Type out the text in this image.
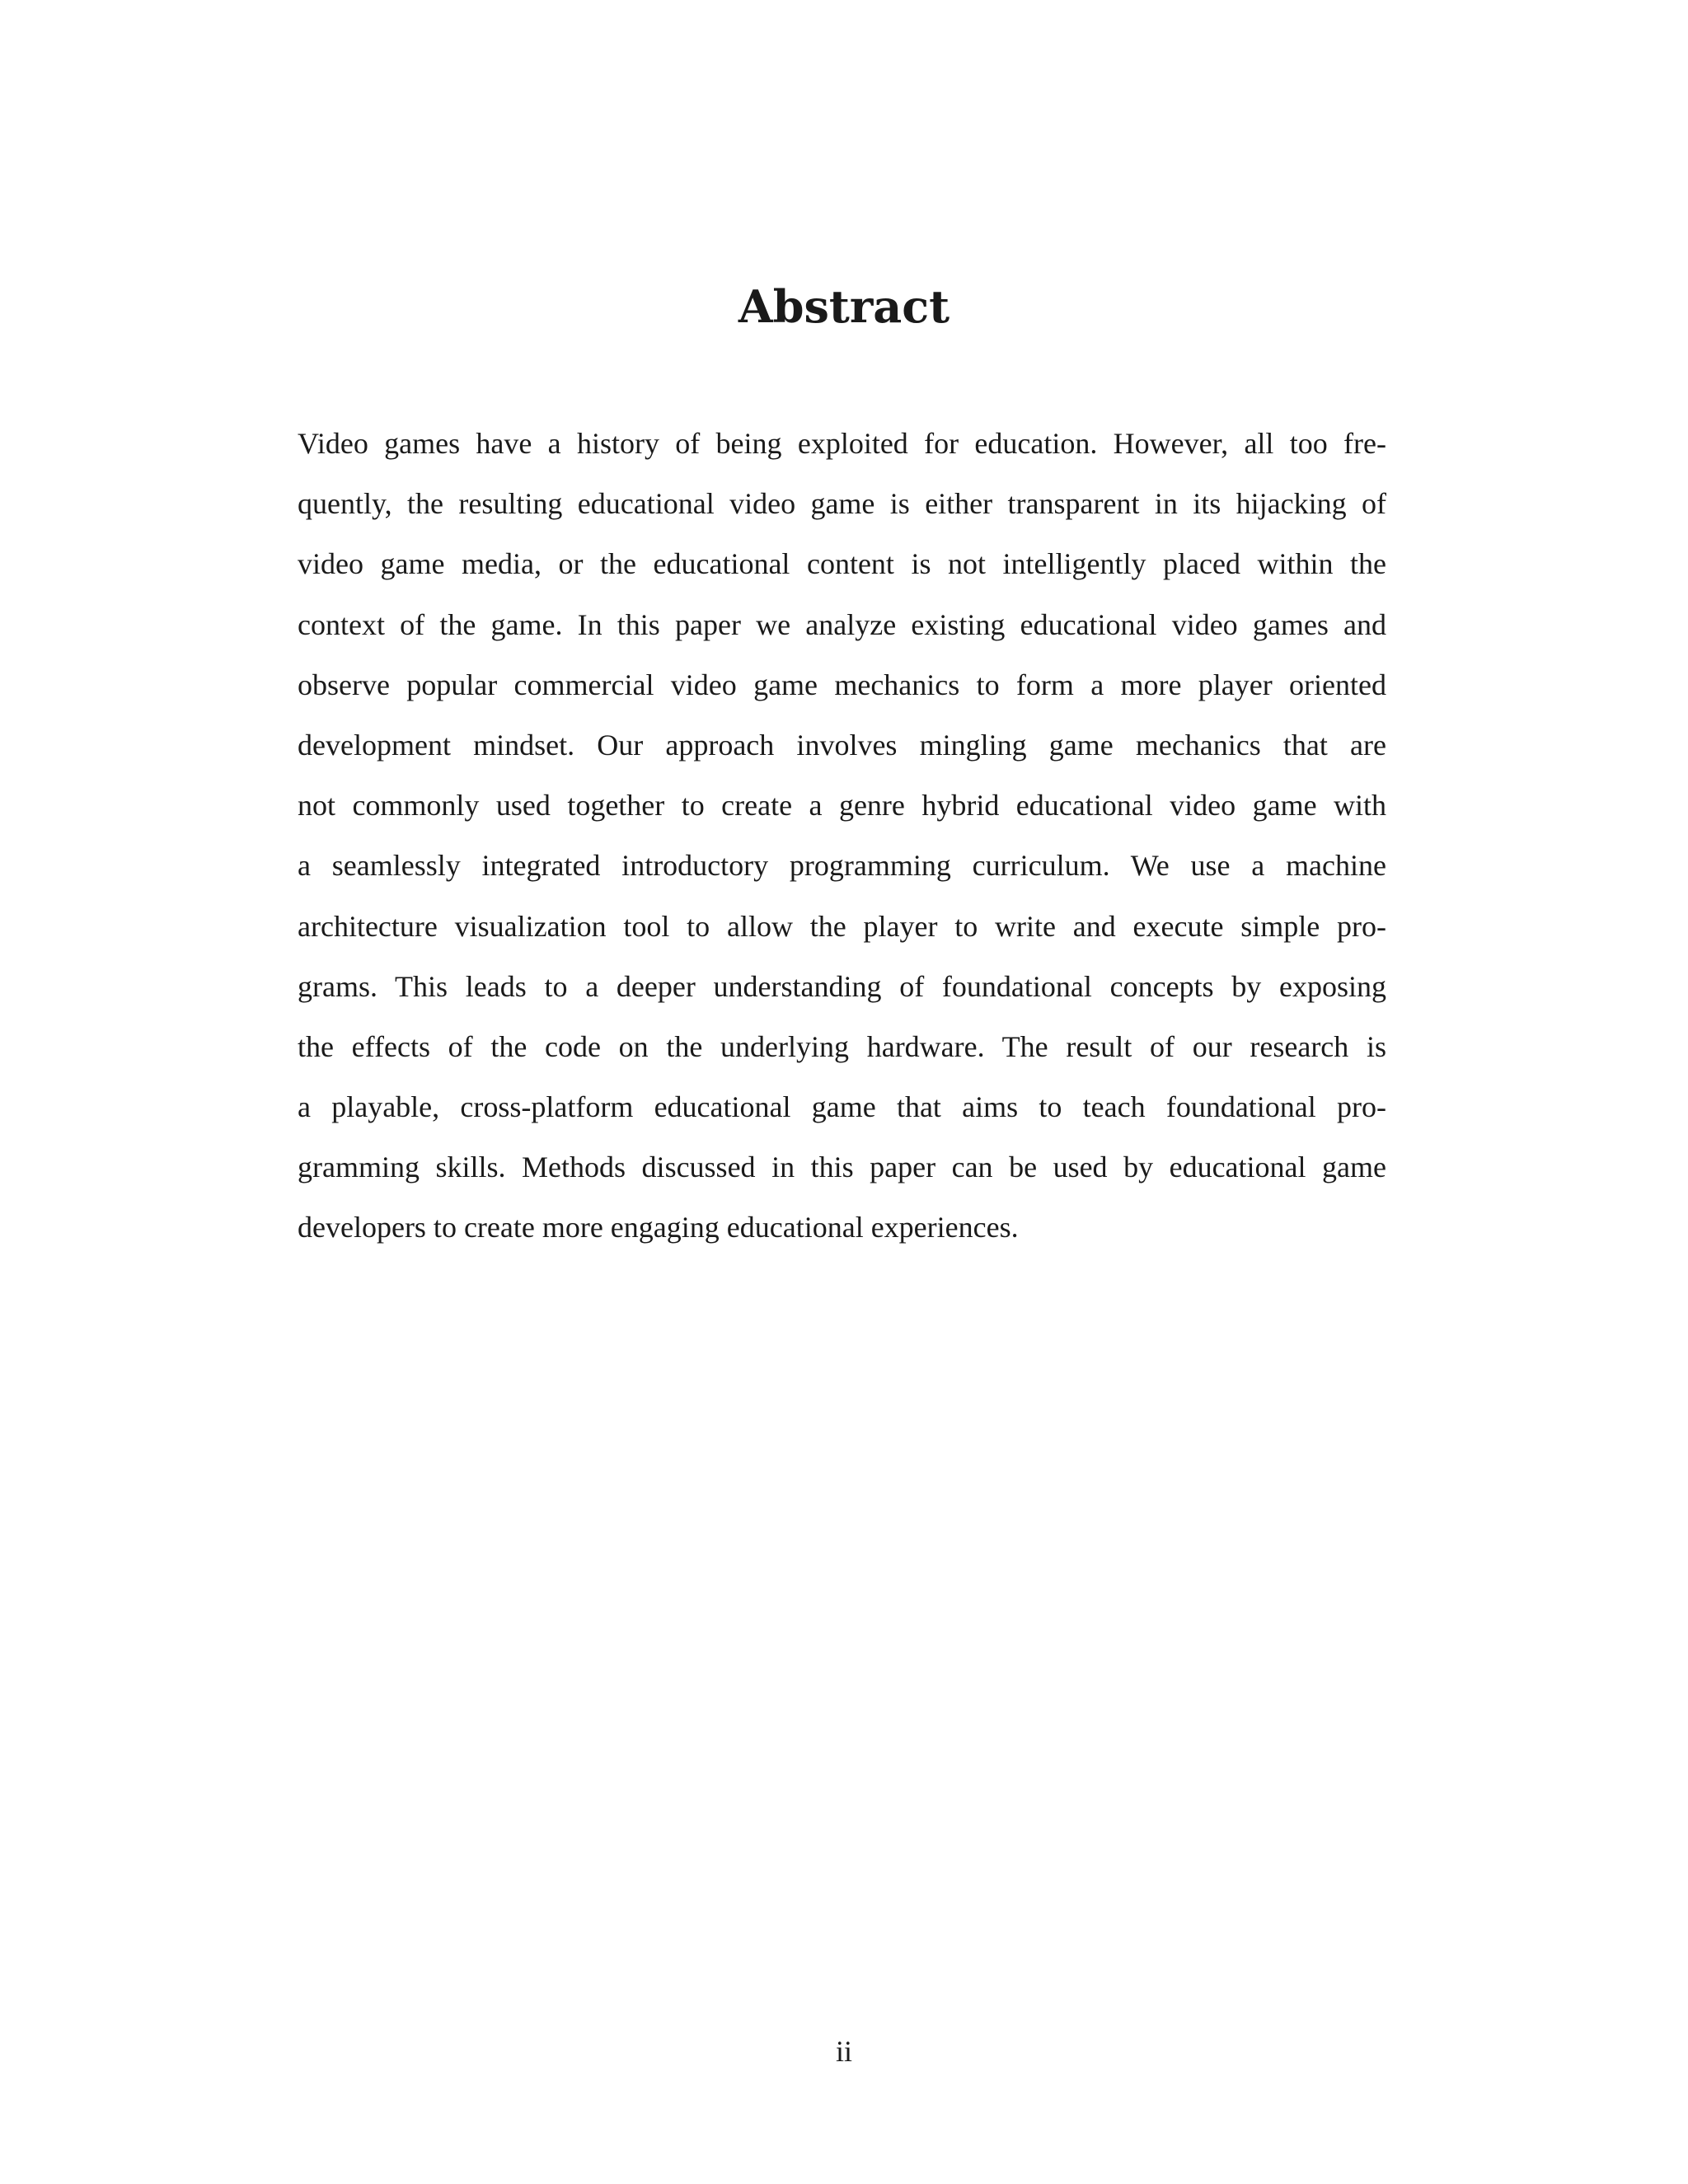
Abstract
Video games have a history of being exploited for education. However, all too fre-
quently, the resulting educational video game is either transparent in its hijacking of
video game media, or the educational content is not intelligently placed within the
context of the game. In this paper we analyze existing educational video games and
observe popular commercial video game mechanics to form a more player oriented
development mindset. Our approach involves mingling game mechanics that are
not commonly used together to create a genre hybrid educational video game with
a seamlessly integrated introductory programming curriculum. We use a machine
architecture visualization tool to allow the player to write and execute simple pro-
grams. This leads to a deeper understanding of foundational concepts by exposing
the effects of the code on the underlying hardware. The result of our research is
a playable, cross-platform educational game that aims to teach foundational pro-
gramming skills. Methods discussed in this paper can be used by educational game
developers to create more engaging educational experiences.
ii
